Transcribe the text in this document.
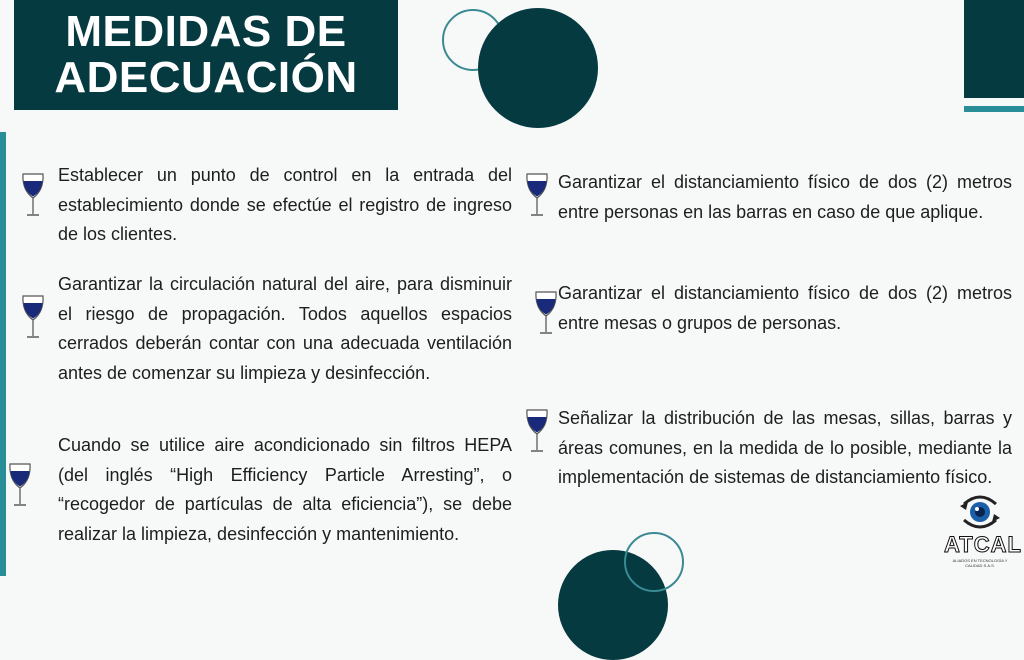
MEDIDAS DE
ADECUACIÓN
Establecer un punto de control en la entrada del establecimiento donde se efectúe el registro de ingreso de los clientes.
Garantizar la circulación natural del aire, para disminuir el riesgo de propagación. Todos aquellos espacios cerrados deberán contar con una adecuada ventilación antes de comenzar su limpieza y desinfección.
Cuando se utilice aire acondicionado sin filtros HEPA (del inglés “High Efficiency Particle Arresting”, o “recogedor de partículas de alta eficiencia”), se debe realizar la limpieza, desinfección y mantenimiento.
Garantizar el distanciamiento físico de dos (2) metros entre personas en las barras en caso de que aplique.
Garantizar el distanciamiento físico de dos (2) metros entre mesas o grupos de personas.
Señalizar la distribución de las mesas, sillas, barras y áreas comunes, en la medida de lo posible, mediante la implementación de sistemas de distanciamiento físico.
ATCAL
ALIADOS EN TECNOLOGÍA Y CALIDAD S.A.S.
